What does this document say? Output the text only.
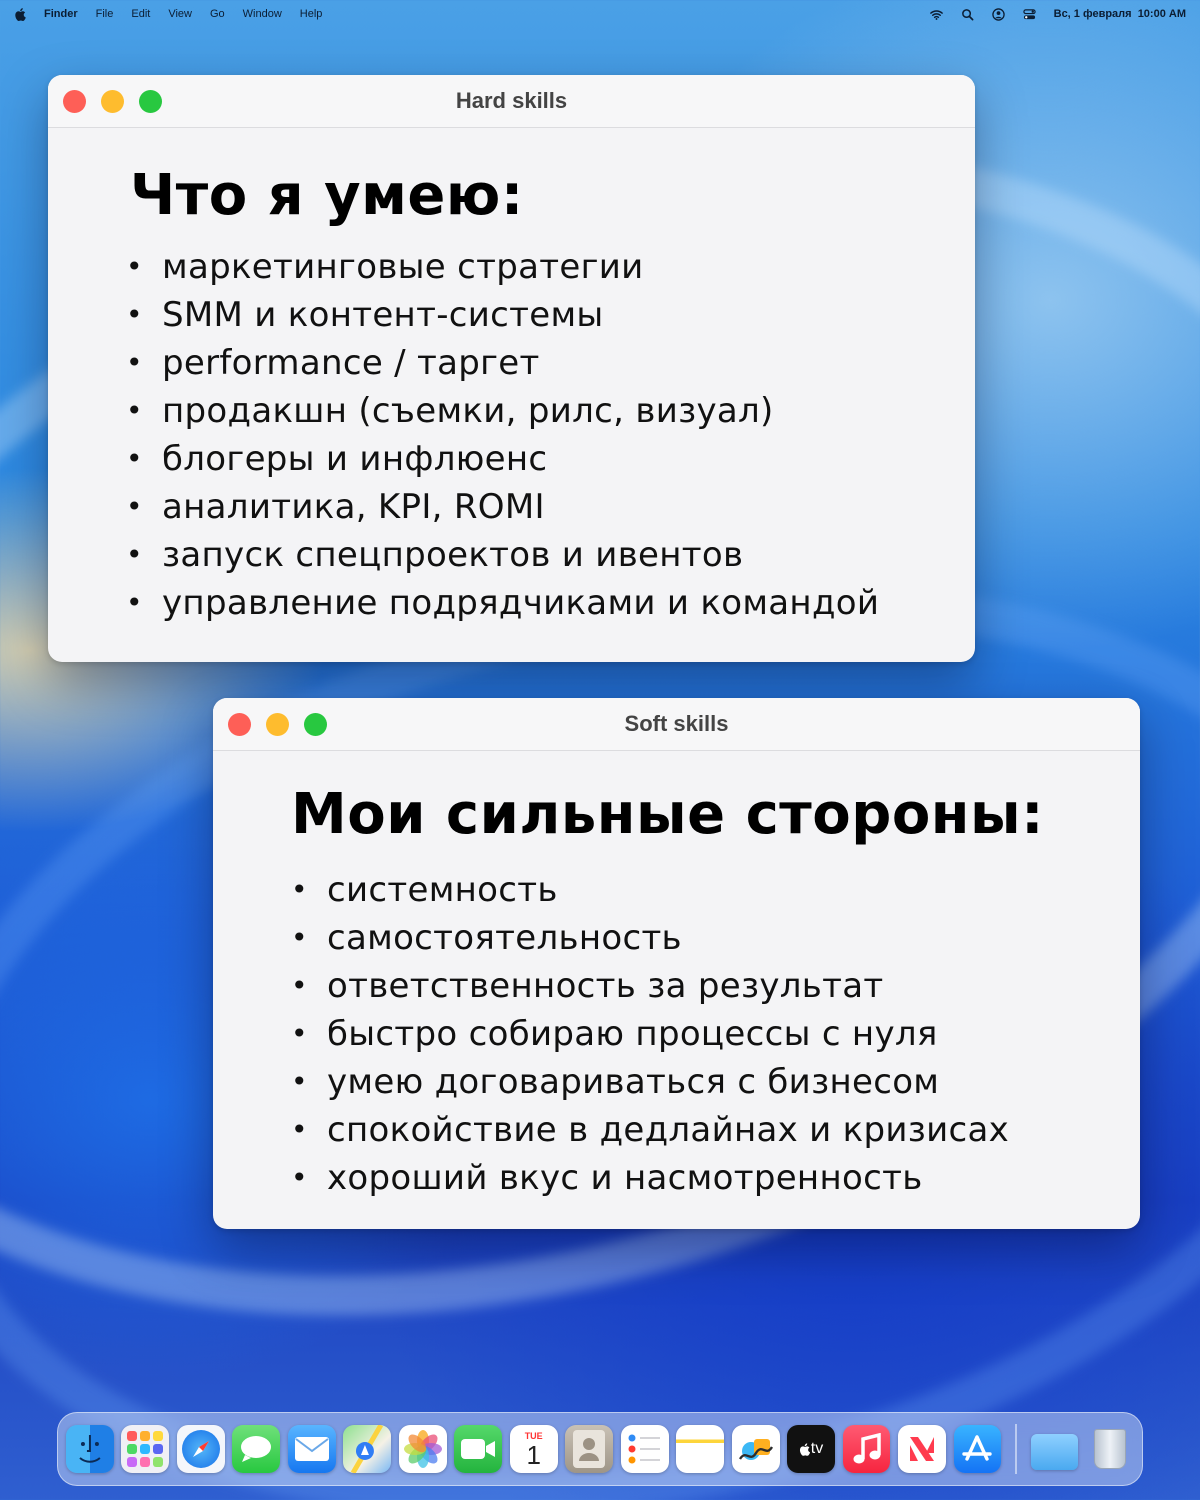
Finder File Edit View Go Window Help	Вс, 1 февраля  10:00 AM
Hard skills
Что я умею:
• маркетинговые стратегии
• SMM и контент-системы
• performance / таргет
• продакшн (съемки, рилс, визуал)
• блогеры и инфлюенс
• аналитика, KPI, ROMI
• запуск спецпроектов и ивентов
• управление подрядчиками и командой
Soft skills
Мои сильные стороны:
• системность
• самостоятельность
• ответственность за результат
• быстро собираю процессы с нуля
• умею договариваться с бизнесом
• спокойствие в дедлайнах и кризисах
• хороший вкус и насмотренность
TUE
1	tv
